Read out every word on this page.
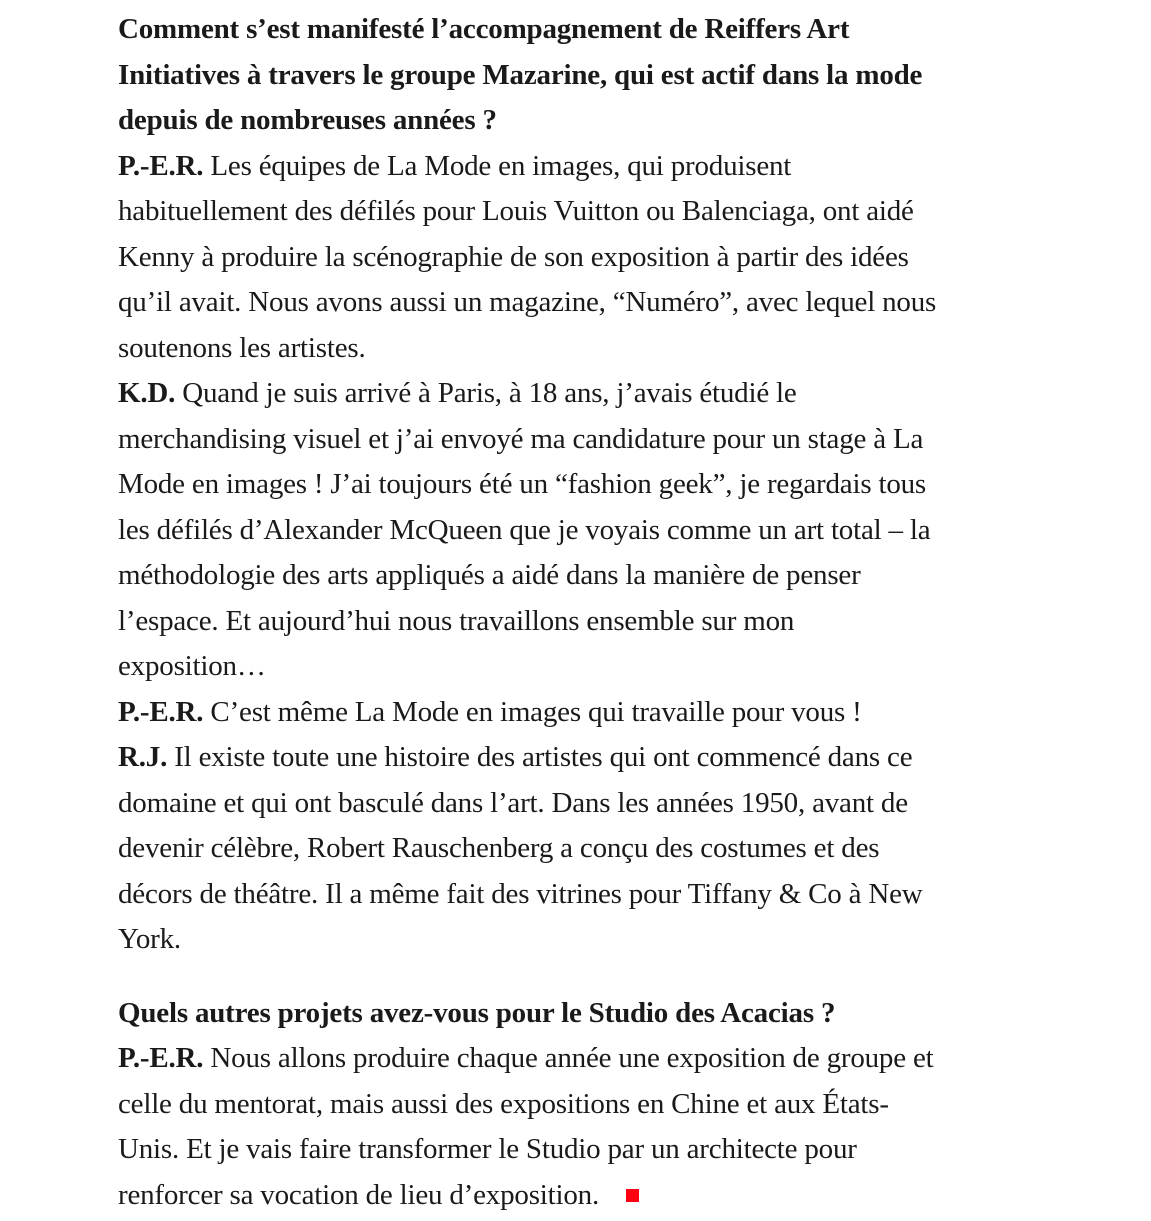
Comment s’est manifesté l’accompagnement de Reiffers Art
Initiatives à travers le groupe Mazarine, qui est actif dans la mode
depuis de nombreuses années ?
P.-E.R. Les équipes de La Mode en images, qui produisent
habituellement des défilés pour Louis Vuitton ou Balenciaga, ont aidé
Kenny à produire la scénographie de son exposition à partir des idées
qu’il avait. Nous avons aussi un magazine, “Numéro”, avec lequel nous
soutenons les artistes.
K.D. Quand je suis arrivé à Paris, à 18 ans, j’avais étudié le
merchandising visuel et j’ai envoyé ma candidature pour un stage à La
Mode en images ! J’ai toujours été un “fashion geek”, je regardais tous
les défilés d’Alexander McQueen que je voyais comme un art total – la
méthodologie des arts appliqués a aidé dans la manière de penser
l’espace. Et aujourd’hui nous travaillons ensemble sur mon
exposition…
P.-E.R. C’est même La Mode en images qui travaille pour vous !
R.J. Il existe toute une histoire des artistes qui ont commencé dans ce
domaine et qui ont basculé dans l’art. Dans les années 1950, avant de
devenir célèbre, Robert Rauschenberg a conçu des costumes et des
décors de théâtre. Il a même fait des vitrines pour Tiffany & Co à New
York.
Quels autres projets avez-vous pour le Studio des Acacias ?
P.-E.R. Nous allons produire chaque année une exposition de groupe et
celle du mentorat, mais aussi des expositions en Chine et aux États-
Unis. Et je vais faire transformer le Studio par un architecte pour
renforcer sa vocation de lieu d’exposition.
